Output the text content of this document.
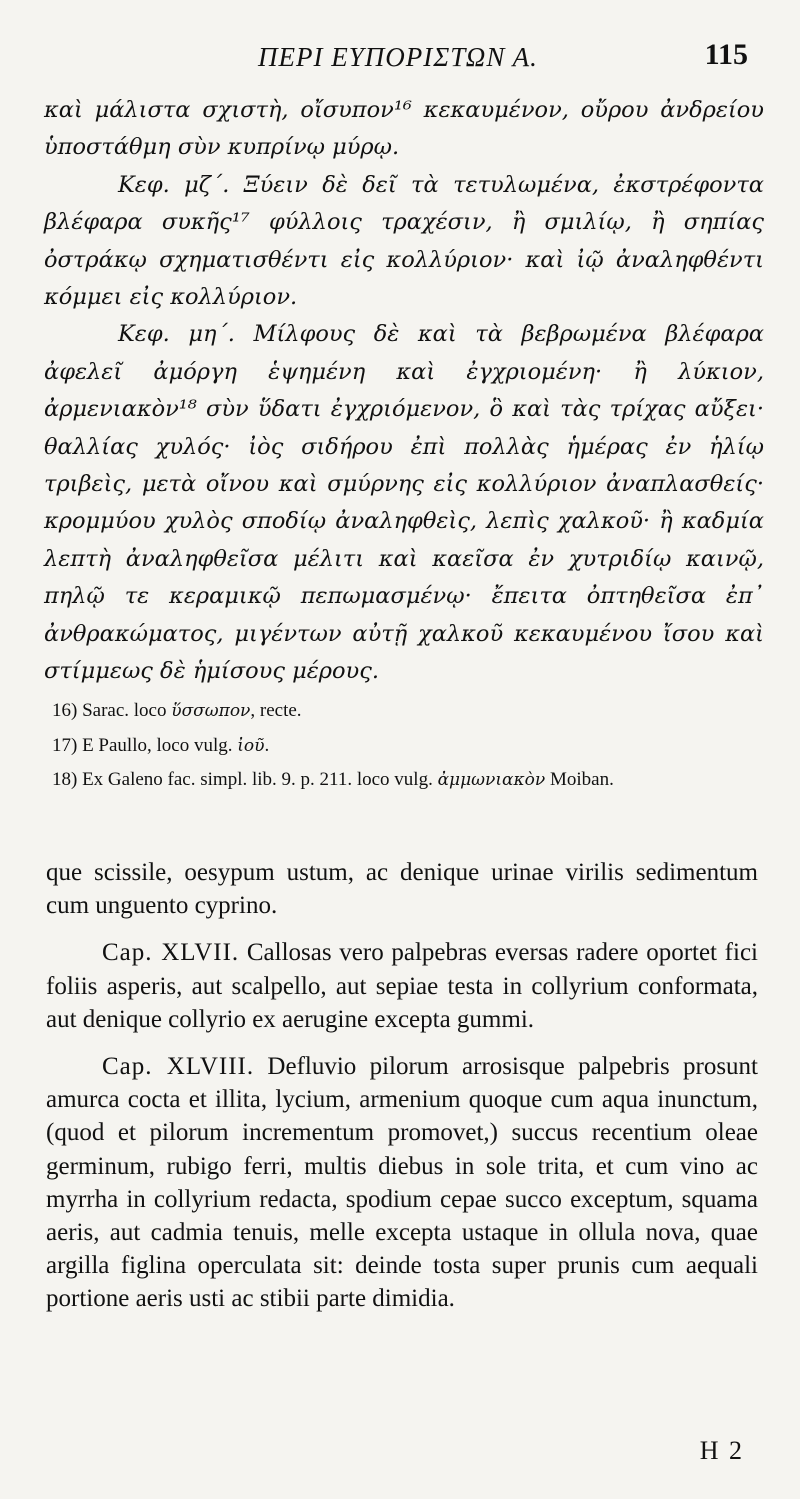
ΠΕΡΙ ΕΥΠΟΡΙΣΤΩΝ Α.	115

καὶ μάλιστα σχιστὴ, οἴσυπον¹⁶ κεκαυμένον, οὔρου ἀνδρείου ὑποστάθμη σὺν κυπρίνῳ μύρῳ.

Κεφ. μζ΄. Ξύειν δὲ δεῖ τὰ τετυλωμένα, ἐκστρέφοντα βλέφαρα συκῆς¹⁷ φύλλοις τραχέσιν, ἢ σμιλίῳ, ἢ σηπίας ὀστράκῳ σχηματισθέντι εἰς κολλύριον· καὶ ἰῷ ἀναληφθέντι κόμμει εἰς κολλύριον.

Κεφ. μη΄. Μίλφους δὲ καὶ τὰ βεβρωμένα βλέφαρα ἀφελεῖ ἀμόργη ἑψημένη καὶ ἐγχριομένη· ἢ λύκιον, ἀρμενιακὸν¹⁸ σὺν ὕδατι ἐγχριόμενον, ὃ καὶ τὰς τρίχας αὔξει· θαλλίας χυλός· ἰὸς σιδήρου ἐπὶ πολλὰς ἡμέρας ἐν ἡλίῳ τριβεὶς, μετὰ οἴνου καὶ σμύρνης εἰς κολλύριον ἀναπλασθείς· κρομμύου χυλὸς σποδίῳ ἀναληφθεὶς, λεπὶς χαλκοῦ· ἢ καδμία λεπτὴ ἀναληφθεῖσα μέλιτι καὶ καεῖσα ἐν χυτριδίῳ καινῷ, πηλῷ τε κεραμικῷ πεπωμασμένῳ· ἔπειτα ὀπτηθεῖσα ἐπ᾽ ἀνθρακώματος, μιγέντων αὐτῇ χαλκοῦ κεκαυμένου ἴσου καὶ στίμμεως δὲ ἡμίσους μέρους.

16) Sarac. loco ὕσσωπον, recte.

17) E Paullo, loco vulg. ἰοῦ.

18) Ex Galeno fac. simpl. lib. 9. p. 211. loco vulg. ἀμμωνιακὸν Moiban.

que scissile, oesypum ustum, ac denique urinae virilis sedimentum cum unguento cyprino.

Cap. XLVII. Callosas vero palpebras eversas radere oportet fici foliis asperis, aut scalpello, aut sepiae testa in collyrium conformata, aut denique collyrio ex aerugine excepta gummi.

Cap. XLVIII. Defluvio pilorum arrosisque palpebris prosunt amurca cocta et illita, lycium, armenium quoque cum aqua inunctum, (quod et pilorum incrementum promovet,) succus recentium oleae germinum, rubigo ferri, multis diebus in sole trita, et cum vino ac myrrha in collyrium redacta, spodium cepae succo exceptum, squama aeris, aut cadmia tenuis, melle excepta ustaque in ollula nova, quae argilla figlina operculata sit: deinde tosta super prunis cum aequali portione aeris usti ac stibii parte dimidia.

H 2
